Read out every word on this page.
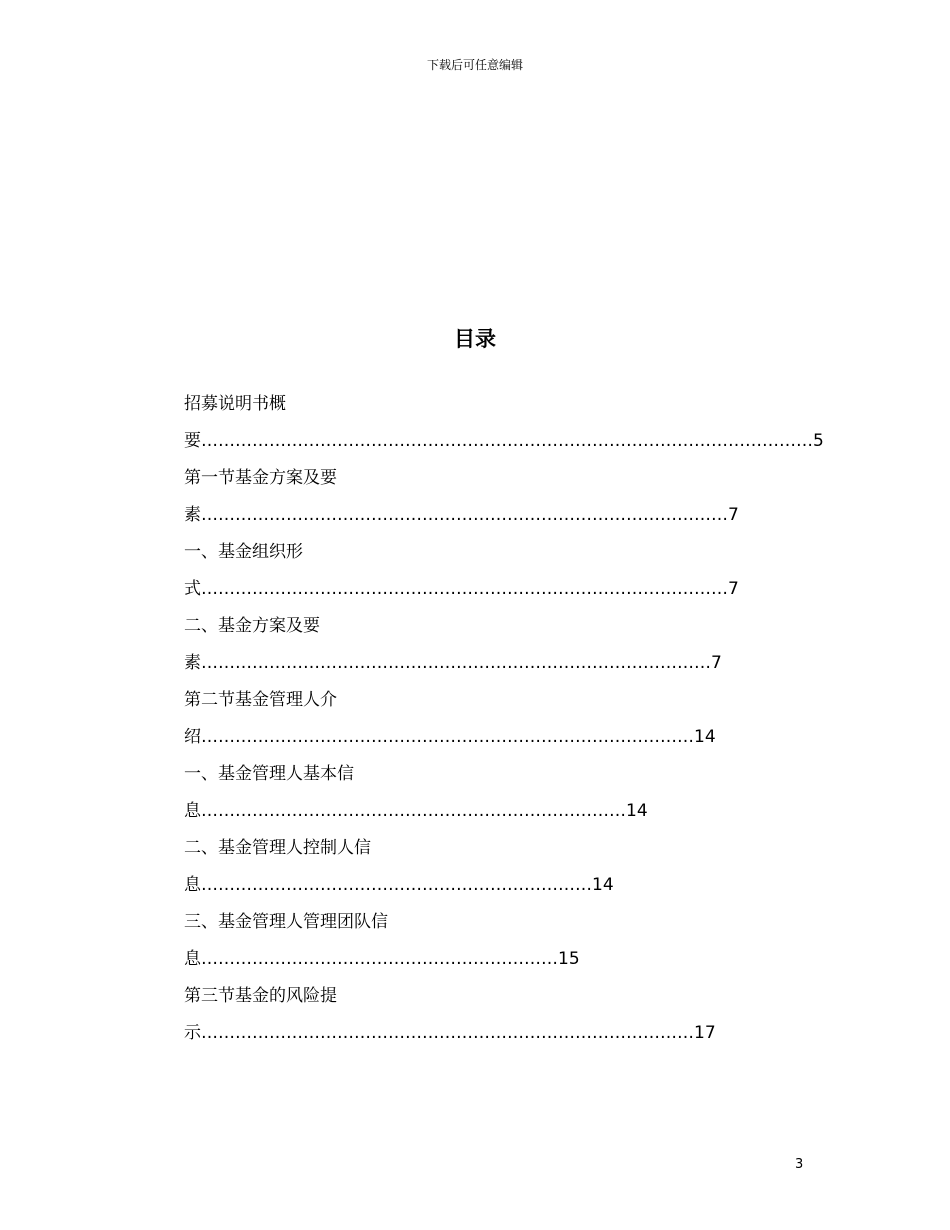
下载后可任意编辑
目录
招募说明书概
要………………………………………………………………………………………………5
第一节基金方案及要
素…………………………………………………………………………………7
一、基金组织形
式…………………………………………………………………………………7
二、基金方案及要
素………………………………………………………………………………7
第二节基金管理人介
绍……………………………………………………………………………14
一、基金管理人基本信
息…………………………………………………………………14
二、基金管理人控制人信
息……………………………………………………………14
三、基金管理人管理团队信
息………………………………………………………15
第三节基金的风险提
示……………………………………………………………………………17
3
